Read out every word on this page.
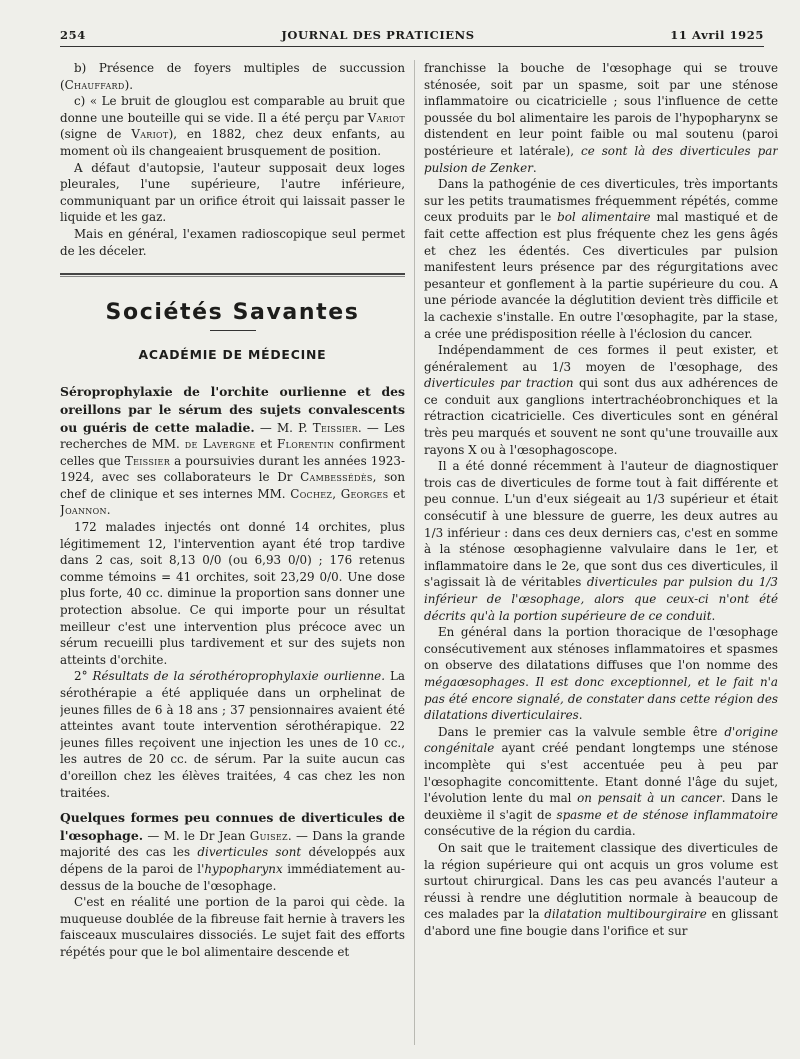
254	JOURNAL DES PRATICIENS	11 Avril 1925

b) Présence de foyers multiples de succussion (Chauffard).

c) « Le bruit de glouglou est comparable au bruit que donne une bouteille qui se vide. Il a été perçu par Variot (signe de Variot), en 1882, chez deux enfants, au moment où ils changeaient brusquement de position.

A défaut d'autopsie, l'auteur supposait deux loges pleurales, l'une supérieure, l'autre inférieure, communiquant par un orifice étroit qui laissait passer le liquide et les gaz.

Mais en général, l'examen radioscopique seul permet de les déceler.

Sociétés Savantes
ACADÉMIE DE MÉDECINE

Séroprophylaxie de l'orchite ourlienne et des oreillons par le sérum des sujets convalescents ou guéris de cette maladie. — M. P. Teissier. — Les recherches de MM. de Lavergne et Florentin confirment celles que Teissier a poursuivies durant les années 1923-1924, avec ses collaborateurs le Dr Cambessédès, son chef de clinique et ses internes MM. Cochez, Georges et Joannon.

172 malades injectés ont donné 14 orchites, plus légitimement 12, l'intervention ayant été trop tardive dans 2 cas, soit 8,13 0/0 (ou 6,93 0/0) ; 176 retenus comme témoins = 41 orchites, soit 23,29 0/0. Une dose plus forte, 40 cc. diminue la proportion sans donner une protection absolue. Ce qui importe pour un résultat meilleur c'est une intervention plus précoce avec un sérum recueilli plus tardivement et sur des sujets non atteints d'orchite.

2° Résultats de la sérothéroprophylaxie ourlienne. La sérothérapie a été appliquée dans un orphelinat de jeunes filles de 6 à 18 ans ; 37 pensionnaires avaient été atteintes avant toute intervention sérothérapique. 22 jeunes filles reçoivent une injection les unes de 10 cc., les autres de 20 cc. de sérum. Par la suite aucun cas d'oreillon chez les élèves traitées, 4 cas chez les non traitées.

Quelques formes peu connues de diverticules de l'œsophage. — M. le Dr Jean Guisez. — Dans la grande majorité des cas les diverticules sont développés aux dépens de la paroi de l'hypopharynx immédiatement au-dessus de la bouche de l'œsophage.

C'est en réalité une portion de la paroi qui cède. la muqueuse doublée de la fibreuse fait hernie à travers les faisceaux musculaires dissociés. Le sujet fait des efforts répétés pour que le bol alimentaire descende et

franchisse la bouche de l'œsophage qui se trouve sténosée, soit par un spasme, soit par une sténose inflammatoire ou cicatricielle ; sous l'influence de cette poussée du bol alimentaire les parois de l'hypopharynx se distendent en leur point faible ou mal soutenu (paroi postérieure et latérale), ce sont là des diverticules par pulsion de Zenker.

Dans la pathogénie de ces diverticules, très importants sur les petits traumatismes fréquemment répétés, comme ceux produits par le bol alimentaire mal mastiqué et de fait cette affection est plus fréquente chez les gens âgés et chez les édentés. Ces diverticules par pulsion manifestent leurs présence par des régurgitations avec pesanteur et gonflement à la partie supérieure du cou. A une période avancée la déglutition devient très difficile et la cachexie s'installe. En outre l'œsophagite, par la stase, a crée une prédisposition réelle à l'éclosion du cancer.

Indépendamment de ces formes il peut exister, et généralement au 1/3 moyen de l'œsophage, des diverticules par traction qui sont dus aux adhérences de ce conduit aux ganglions intertrachéobronchiques et la rétraction cicatricielle. Ces diverticules sont en général très peu marqués et souvent ne sont qu'une trouvaille aux rayons X ou à l'œsophagoscope.

Il a été donné récemment à l'auteur de diagnostiquer trois cas de diverticules de forme tout à fait différente et peu connue. L'un d'eux siégeait au 1/3 supérieur et était consécutif à une blessure de guerre, les deux autres au 1/3 inférieur : dans ces deux derniers cas, c'est en somme à la sténose œsophagienne valvulaire dans le 1er, et inflammatoire dans le 2e, que sont dus ces diverticules, il s'agissait là de véritables diverticules par pulsion du 1/3 inférieur de l'œsophage, alors que ceux-ci n'ont été décrits qu'à la portion supérieure de ce conduit.

En général dans la portion thoracique de l'œsophage consécutivement aux sténoses inflammatoires et spasmes on observe des dilatations diffuses que l'on nomme des mégaœsophages. Il est donc exceptionnel, et le fait n'a pas été encore signalé, de constater dans cette région des dilatations diverticulaires.

Dans le premier cas la valvule semble être d'origine congénitale ayant créé pendant longtemps une sténose incomplète qui s'est accentuée peu à peu par l'œsophagite concomittente. Etant donné l'âge du sujet, l'évolution lente du mal on pensait à un cancer. Dans le deuxième il s'agit de spasme et de sténose inflammatoire consécutive de la région du cardia.

On sait que le traitement classique des diverticules de la région supérieure qui ont acquis un gros volume est surtout chirurgical. Dans les cas peu avancés l'auteur a réussi à rendre une déglutition normale à beaucoup de ces malades par la dilatation multibourgiraire en glissant d'abord une fine bougie dans l'orifice et sur
